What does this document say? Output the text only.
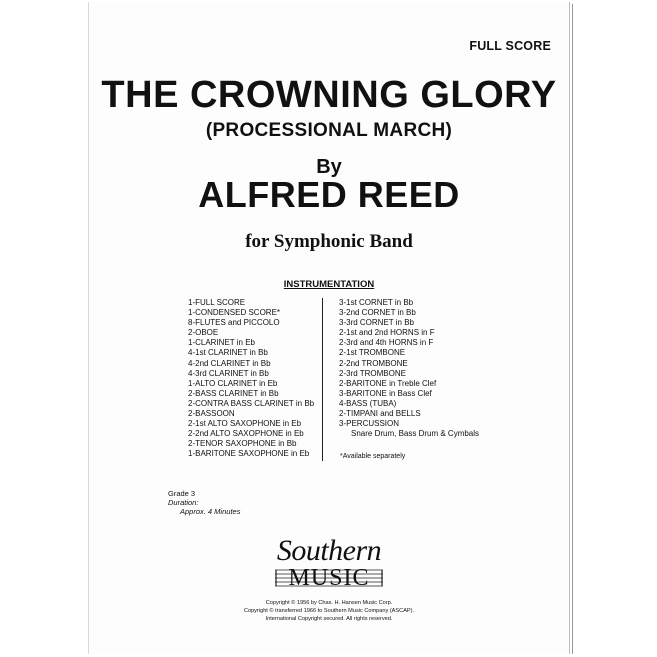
FULL SCORE
THE CROWNING GLORY
(PROCESSIONAL MARCH)
By
ALFRED REED
for Symphonic Band
INSTRUMENTATION
1-FULL SCORE
1-CONDENSED SCORE*
8-FLUTES and PICCOLO
2-OBOE
1-CLARINET in Eb
4-1st CLARINET in Bb
4-2nd CLARINET in Bb
4-3rd CLARINET in Bb
1-ALTO CLARINET in Eb
2-BASS CLARINET in Bb
2-CONTRA BASS CLARINET in Bb
2-BASSOON
2-1st ALTO SAXOPHONE in Eb
2-2nd ALTO SAXOPHONE in Eb
2-TENOR SAXOPHONE in Bb
1-BARITONE SAXOPHONE in Eb
3-1st CORNET in Bb
3-2nd CORNET in Bb
3-3rd CORNET in Bb
2-1st and 2nd HORNS in F
2-3rd and 4th HORNS in F
2-1st TROMBONE
2-2nd TROMBONE
2-3rd TROMBONE
2-BARITONE in Treble Clef
3-BARITONE in Bass Clef
4-BASS (TUBA)
2-TIMPANI and BELLS
3-PERCUSSION
Snare Drum, Bass Drum & Cymbals
*Available separately
Grade 3
Duration:
Approx. 4 Minutes
Southern
MUSIC
Copyright © 1956 by Chas. H. Hansen Music Corp.
Copyright © transferred 1966 to Southern Music Company (ASCAP).
International Copyright secured. All rights reserved.
